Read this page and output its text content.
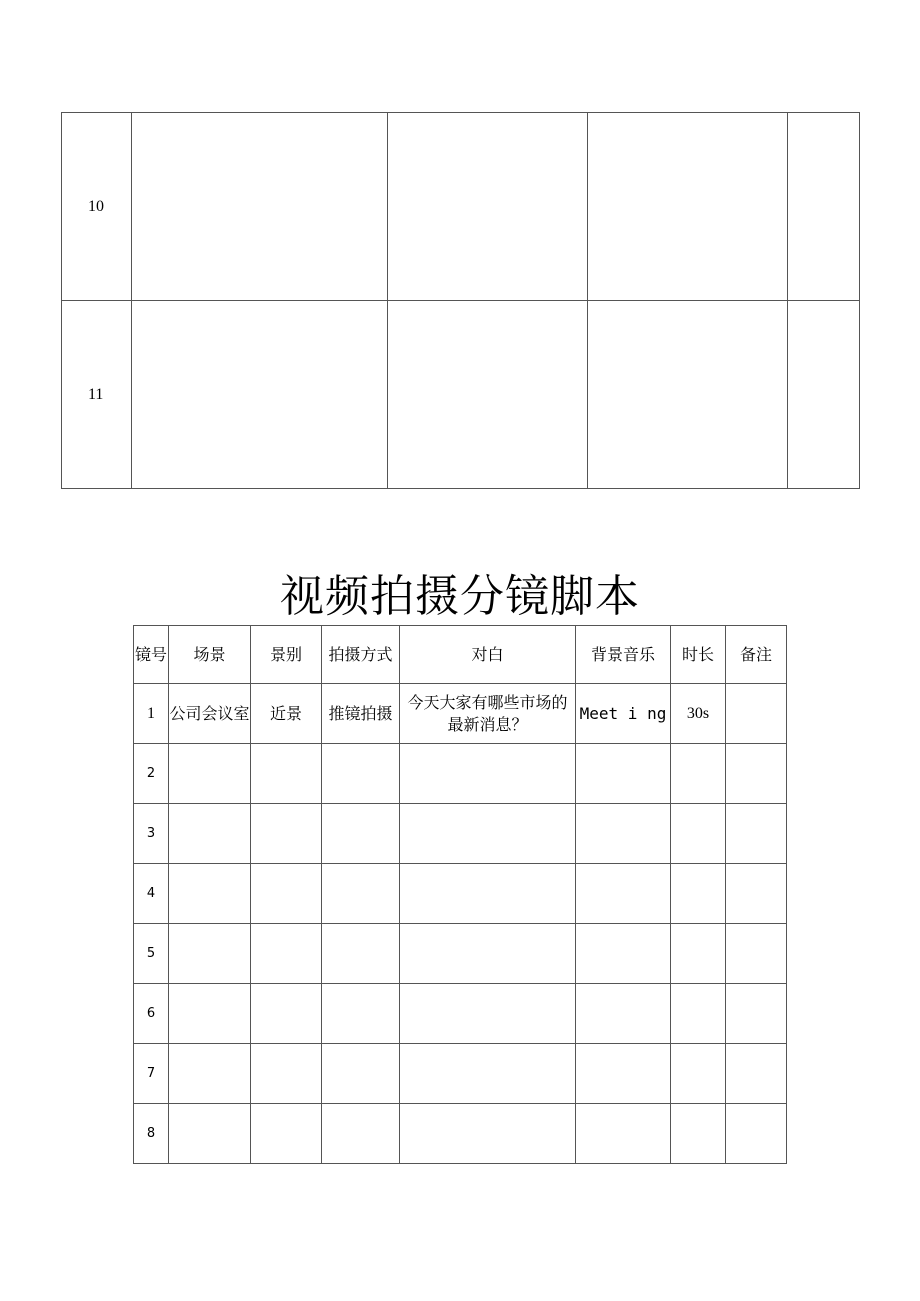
10				
11				
视频拍摄分镜脚本
镜号	场景	景别	拍摄方式	对白	背景音乐	时长	备注
1	公司会议室	近景	推镜拍摄	今天大家有哪些市场的最新消息？	Meet i ng	30s	
2							
3							
4							
5							
6							
7							
8							
